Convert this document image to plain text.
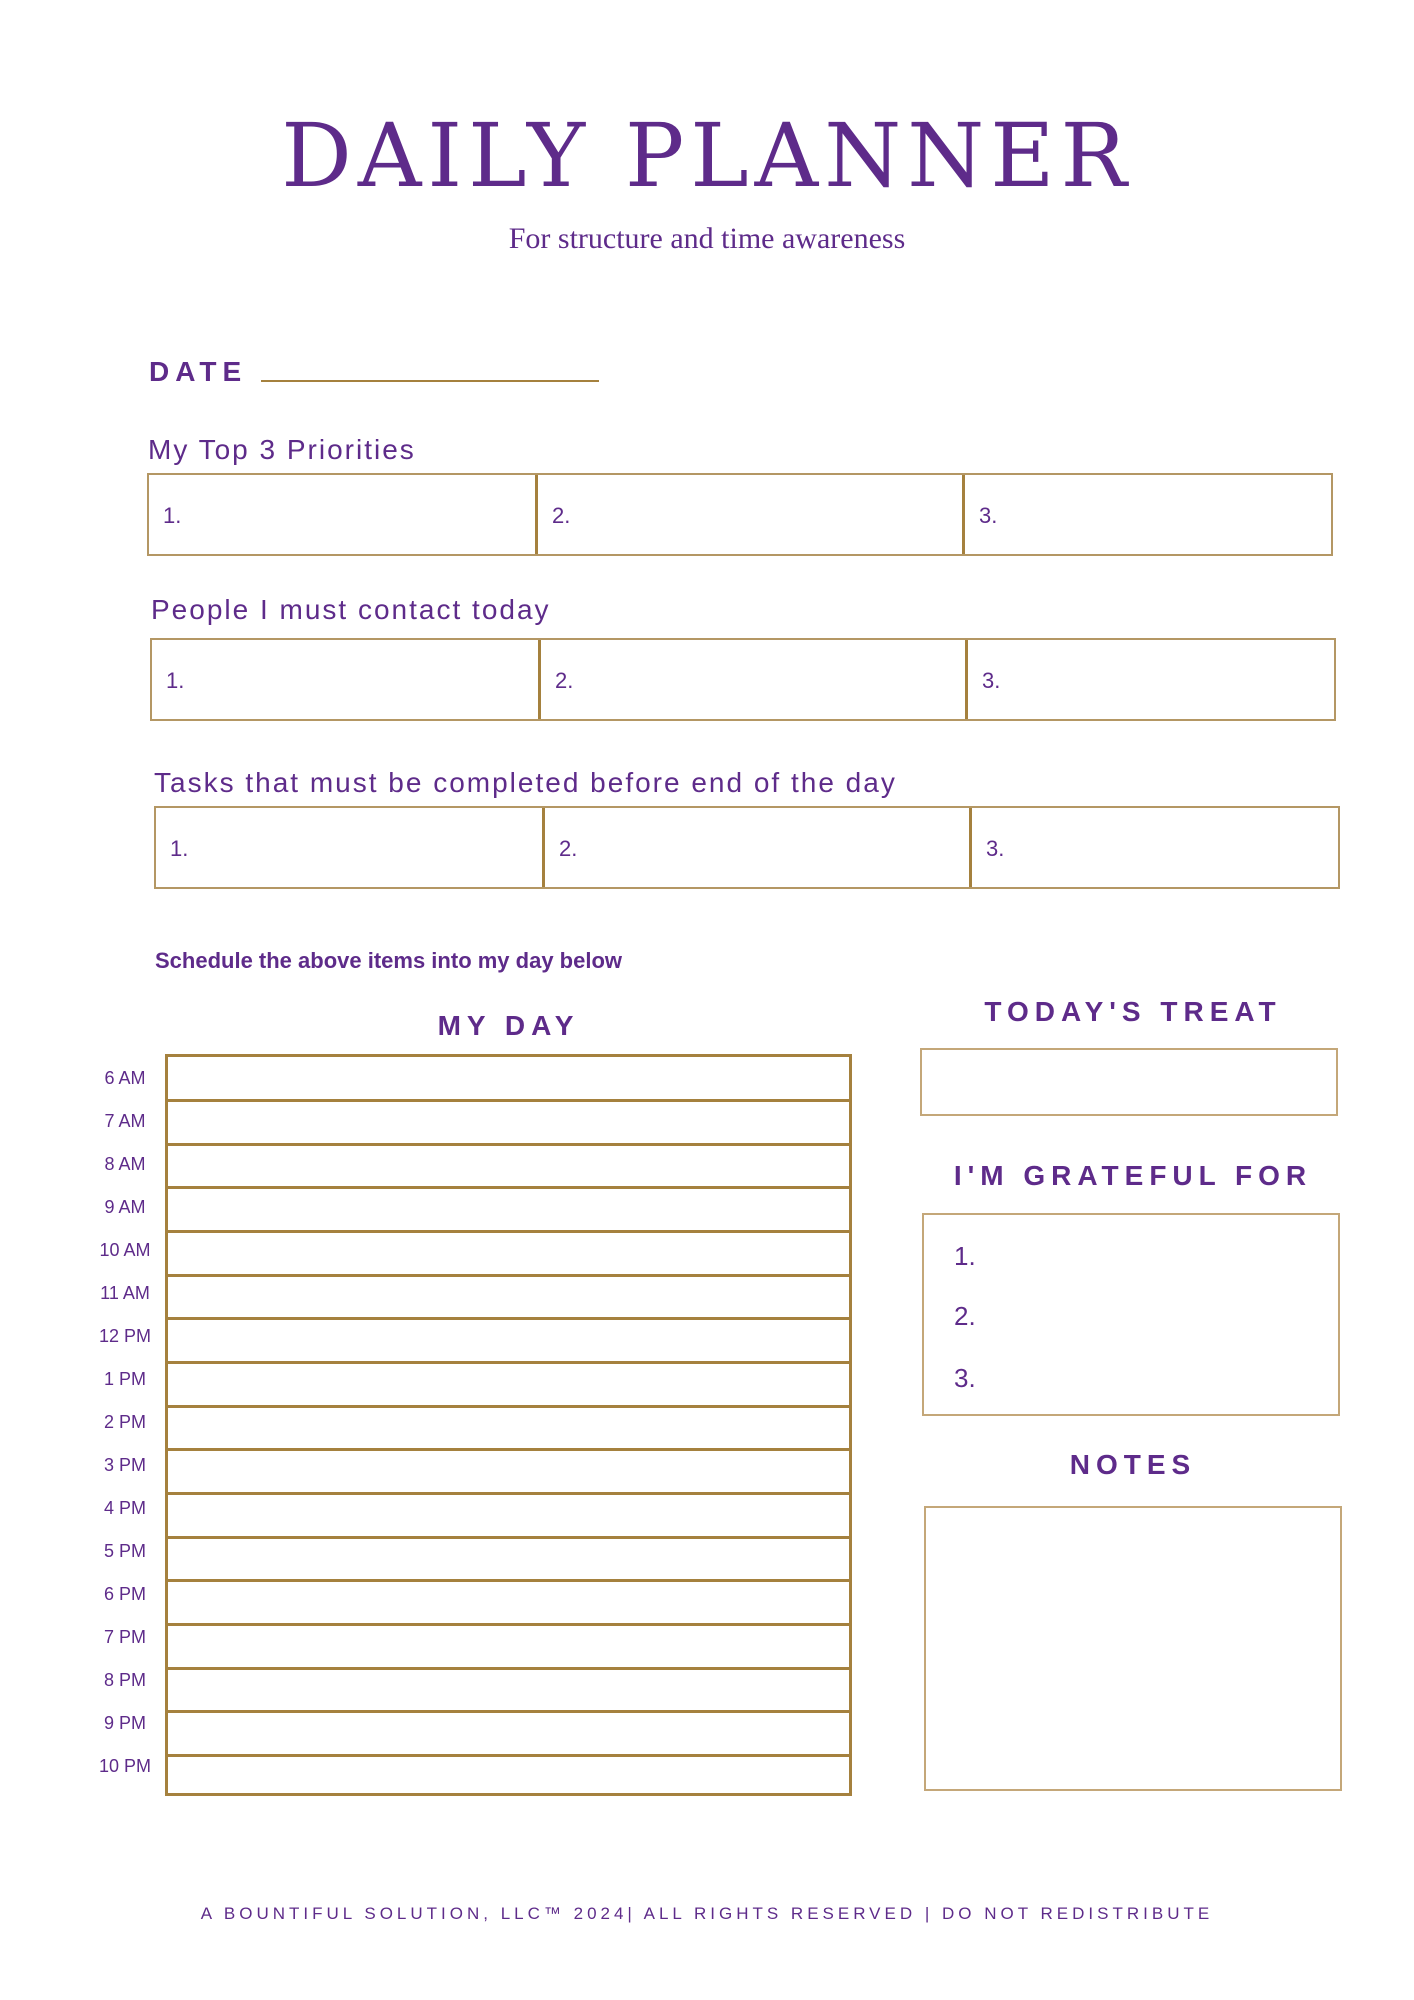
DAILY PLANNER
For structure and time awareness
DATE
My Top 3 Priorities
1.	2.	3.
People I must contact today
1.	2.	3.
Tasks that must be completed before end of the day
1.	2.	3.
Schedule the above items into my day below
MY DAY
6 AM
7 AM
8 AM
9 AM
10 AM
11 AM
12 PM
1 PM
2 PM
3 PM
4 PM
5 PM
6 PM
7 PM
8 PM
9 PM
10 PM
TODAY'S TREAT
I'M GRATEFUL FOR
1.
2.
3.
NOTES
A BOUNTIFUL SOLUTION, LLC™ 2024| ALL RIGHTS RESERVED | DO NOT REDISTRIBUTE
